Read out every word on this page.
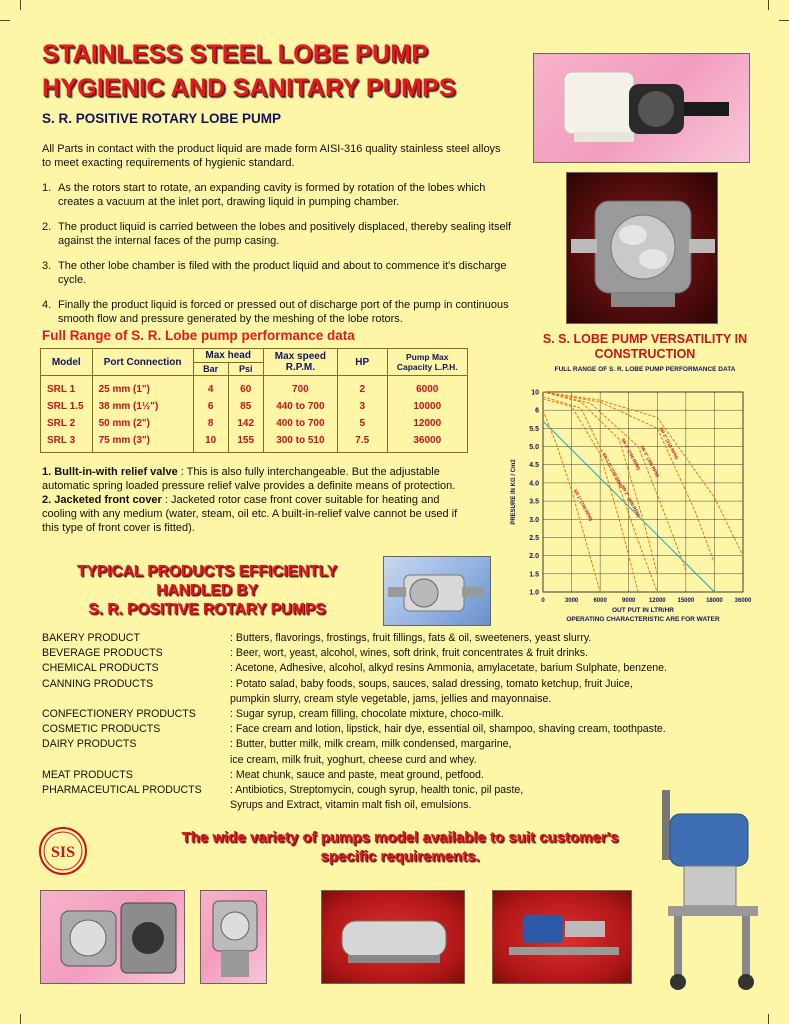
STAINLESS STEEL LOBE PUMP
HYGIENIC AND SANITARY PUMPS
S. R. POSITIVE ROTARY LOBE PUMP
All Parts in contact with the product liquid are made form AISI-316 quality stainless steel alloys to meet exacting requirements of hygienic standard.
1. As the rotors start to rotate, an expanding cavity is formed by rotation of the lobes which creates a vacuum at the inlet port, drawing liquid in pumping chamber.
2. The product liquid is carried between the lobes and positively displaced, thereby sealing itself against the internal faces of the pump casing.
3. The other lobe chamber is filed with the product liquid and about to commence it's discharge cycle.
4. Finally the product liquid is forced or pressed out of discharge port of the pump in continuous smooth flow and pressure generated by the meshing of the lobe rotors.
Full Range of S. R. Lobe pump performance data
Model	Port Connection	Max head		Max speed R.P.M.	HP	Pump Max Capacity L.P.H.
		Bar	Psi			
SRL 1	25 mm (1")	4	60	700	2	6000
SRL 1.5	38 mm (1½")	6	85	440 to 700	3	10000
SRL 2	50 mm (2")	8	142	400 to 700	5	12000
SRL 3	75 mm (3")	10	155	300 to 510	7.5	36000
1. Bullt-in-with relief valve : This is also fully interchangeable. But the adjustable automatic spring loaded pressure relief valve provides a definite means of protection.
2. Jacketed front cover : Jacketed rotor case front cover suitable for heating and cooling with any medium (water, steam, oil etc. A built-in-relief valve cannot be used if this type of front cover is fitted).
TYPICAL PRODUCTS EFFICIENTLY
HANDLED BY
S. R. POSITIVE ROTARY PUMPS
BAKERY PRODUCT	: Butters, flavorings, frostings, fruit fillings, fats & oil, sweeteners, yeast slurry.
BEVERAGE PRODUCTS	: Beer, wort, yeast, alcohol, wines, soft drink, fruit concentrates & fruit drinks.
CHEMICAL PRODUCTS	: Acetone, Adhesive, alcohol, alkyd resins Ammonia, amylacetate, barium Sulphate, benzene.
CANNING PRODUCTS	: Potato salad, baby foods, soups, sauces, salad dressing, tomato ketchup, fruit Juice,
pumpkin slurry, cream style vegetable, jams, jellies and mayonnaise.
CONFECTIONERY PRODUCTS	: Sugar syrup, cream filling, chocolate mixture, choco-milk.
COSMETIC PRODUCTS	: Face cream and lotion, lipstick, hair dye, essential oil, shampoo, shaving cream, toothpaste.
DAIRY PRODUCTS	: Butter, butter milk, milk cream, milk condensed, margarine,
ice cream, milk fruit, yoghurt, cheese curd and whey.
MEAT PRODUCTS	: Meat chunk, sauce and paste, meat ground, petfood.
PHARMACEUTICAL PRODUCTS	: Antibiotics, Streptomycin, cough syrup, health tonic, pil paste,
Syrups and Extract, vitamin malt fish oil, emulsions.
S. S. LOBE PUMP VERSATILITY IN CONSTRUCTION
FULL RANGE OF S. R. LOBE PUMP PERFORMANCE DATA
1.0
1.5
2.0
2.5
3.0
3.5
4.0
4.5
5.0
5.5
6
10
0	3000	6000	9000 12000 15000 18000 36000
PRESURE IN KG / Cm2
OUT PUT IN LTR/HR
OPERATING CHARACTERISTIC ARE FOR WATER
SR 1" (700 RPM)
SR 1.5" (700 RPM)
SR 2" (400 RPM)
SR 2" (700 RPM)
SR 3" (300 RPM)
SR 3" (510 RPM)
SIS
The wide variety of pumps model available to suit customer's
specific requirements.
